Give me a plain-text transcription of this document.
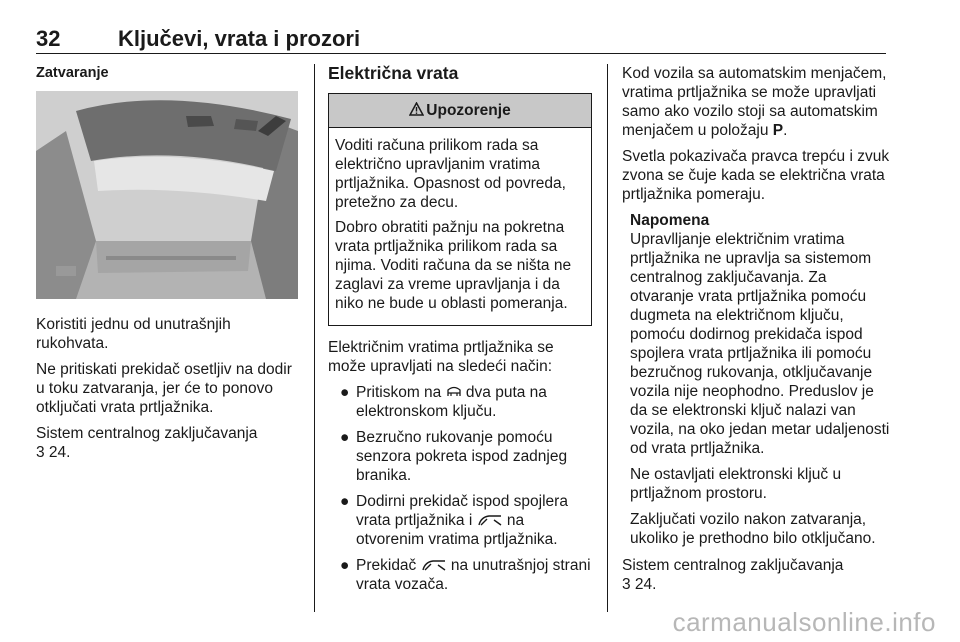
32	Ključevi, vrata i prozori
Zatvaranje

Koristiti jednu od unutrašnjih rukohvata.

Ne pritiskati prekidač osetljiv na dodir u toku zatvaranja, jer će to ponovo otključati vrata prtljažnika.

Sistem centralnog zaključavanja
3 24.

Električna vrata
Upozorenje

Voditi računa prilikom rada sa električno upravljanim vratima prtljažnika. Opasnost od povreda, pretežno za decu.

Dobro obratiti pažnju na pokretna vrata prtljažnika prilikom rada sa njima. Voditi računa da se ništa ne zaglavi za vreme upravljanja i da niko ne bude u oblasti pomeranja.

Električnim vratima prtljažnika se može upravljati na sledeći način:

● Pritiskom na  dva puta na elektronskom ključu.
● Bezručno rukovanje pomoću senzora pokreta ispod zadnjeg branika.
● Dodirni prekidač ispod spojlera vrata prtljažnika i  na otvorenim vratima prtljažnika.
● Prekidač  na unutrašnjoj strani vrata vozača.

Kod vozila sa automatskim menjačem, vratima prtljažnika se može upravljati samo ako vozilo stoji sa automatskim menjačem u položaju P.

Svetla pokazivača pravca trepću i zvuk zvona se čuje kada se električna vrata prtljažnika pomeraju.

Napomena

Upravlljanje električnim vratima prtljažnika ne upravlja sa sistemom centralnog zaključavanja. Za otvaranje vrata prtljažnika pomoću dugmeta na električnom ključu, pomoću dodirnog prekidača ispod spojlera vrata prtljažnika ili pomoću bezručnog rukovanja, otključavanje vozila nije neophodno. Preduslov je da se elektronski ključ nalazi van vozila, na oko jedan metar udaljenosti od vrata prtljažnika.

Ne ostavljati elektronski ključ u prtljažnom prostoru.

Zaključati vozilo nakon zatvaranja, ukoliko je prethodno bilo otključano.

Sistem centralnog zaključavanja
3 24.

carmanualsonline.info
